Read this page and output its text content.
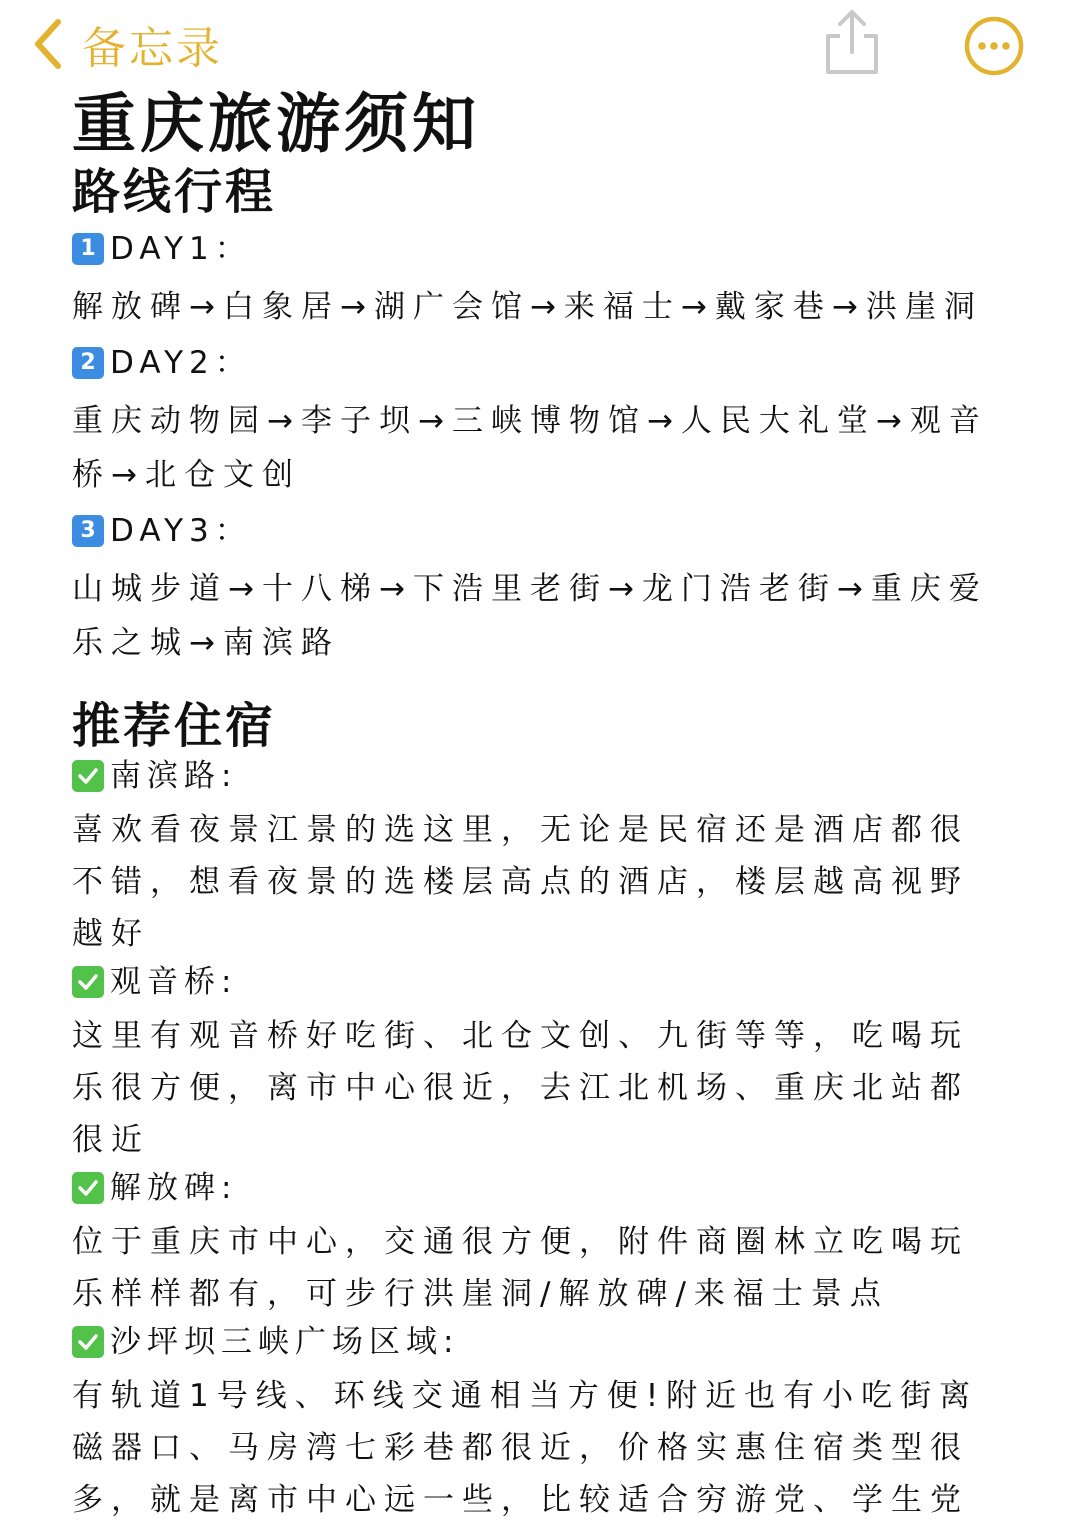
备忘录
重庆旅游须知
路线行程
1 DAY1：
解放碑→白象居→湖广会馆→来福士→戴家巷→洪崖洞
2 DAY2：
重庆动物园→李子坝→三峡博物馆→人民大礼堂→观音桥→北仓文创
3 DAY3：
山城步道→十八梯→下浩里老街→龙门浩老街→重庆爱乐之城→南滨路
推荐住宿
南滨路:
喜欢看夜景江景的选这里，无论是民宿还是酒店都很不错，想看夜景的选楼层高点的酒店，楼层越高视野越好
观音桥:
这里有观音桥好吃街、北仓文创、九街等等，吃喝玩乐很方便，离市中心很近，去江北机场、重庆北站都很近
解放碑:
位于重庆市中心，交通很方便，附件商圈林立吃喝玩乐样样都有，可步行洪崖洞/解放碑/来福士景点
沙坪坝三峡广场区域:
有轨道1号线、环线交通相当方便!附近也有小吃街离磁器口、马房湾七彩巷都很近，价格实惠住宿类型很多，就是离市中心远一些，比较适合穷游党、学生党
